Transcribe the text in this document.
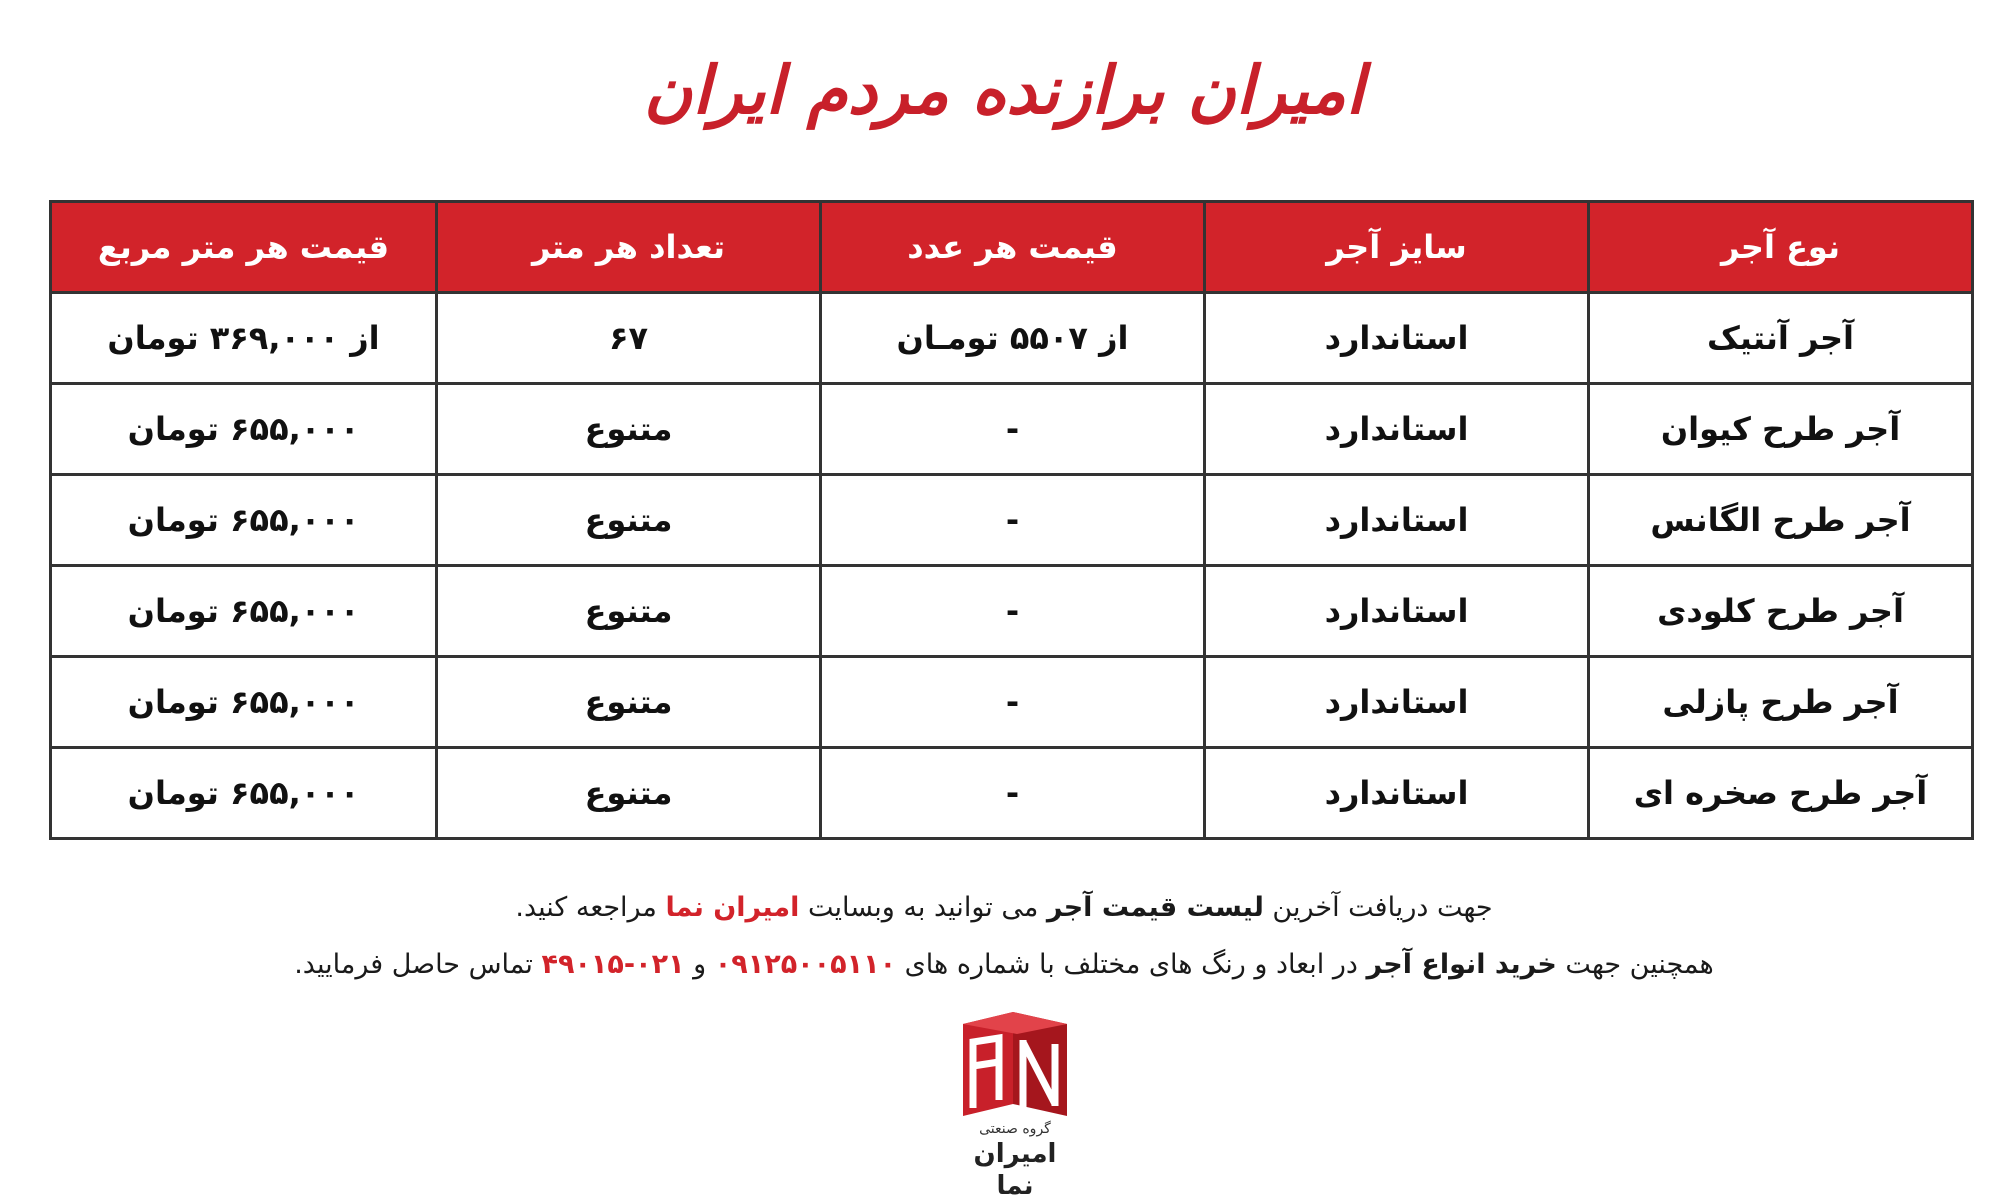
امیران برازنده مردم ایران
نوع آجر	سایز آجر	قیمت هر عدد	تعداد هر متر	قیمت هر متر مربع
آجر آنتیک	استاندارد	از ۵۵۰۷ تومـان	۶۷	از ۳۶۹,۰۰۰ تومان
آجر طرح کیوان	استاندارد	-	متنوع	۶۵۵,۰۰۰ تومان
آجر طرح الگانس	استاندارد	-	متنوع	۶۵۵,۰۰۰ تومان
آجر طرح کلودی	استاندارد	-	متنوع	۶۵۵,۰۰۰ تومان
آجر طرح پازلی	استاندارد	-	متنوع	۶۵۵,۰۰۰ تومان
آجر طرح صخره ای	استاندارد	-	متنوع	۶۵۵,۰۰۰ تومان
جهت دریافت آخرین لیست قیمت آجر می توانید به وبسایت امیران نما مراجعه کنید.
همچنین جهت خرید انواع آجر در ابعاد و رنگ های مختلف با شماره های ۰۹۱۲۵۰۰۵۱۱۰ و ۰۲۱-۴۹۰۱۵ تماس حاصل فرمایید.
گروه صنعتی
امیران نما
